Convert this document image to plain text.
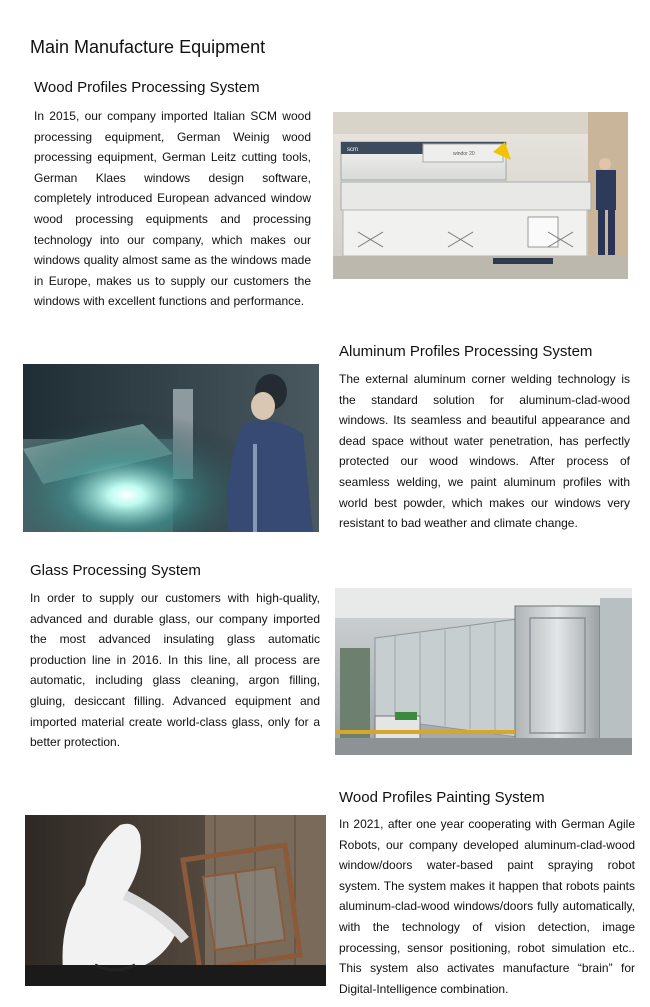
Main Manufacture Equipment
Wood Profiles Processing System

In 2015, our company imported Italian SCM wood processing equipment, German Weinig wood processing equipment, German Leitz cutting tools, German Klaes windows design software, completely introduced European advanced window wood processing equipments and processing technology into our company, which makes our windows quality almost same as the windows made in Europe, makes us to supply our customers the windows with excellent functions and performance.

scm
windor 20
Aluminum Profiles Processing System

The external aluminum corner welding technology is the standard solution for aluminum-clad-wood windows. Its seamless and beautiful appearance and dead space without water penetration, has perfectly protected our wood windows. After process of seamless welding, we paint aluminum profiles with world best powder, which makes our windows very resistant to bad weather and climate change.

Glass Processing System

In order to supply our customers with high-quality, advanced and durable glass, our company imported the most advanced insulating glass automatic production line in 2016. In this line, all process are automatic, including glass cleaning, argon filling, gluing, desiccant filling. Advanced equipment and imported material create world-class glass, only for a better protection.

Wood Profiles Painting System

In 2021, after one year cooperating with German Agile Robots, our company developed aluminum-clad-wood window/doors water-based paint spraying robot system. The system makes it happen that robots paints aluminum-clad-wood windows/doors fully automatically, with the technology of vision detection, image processing, sensor positioning, robot simulation etc.. This system also activates manufacture “brain” for Digital-Intelligence combination.
